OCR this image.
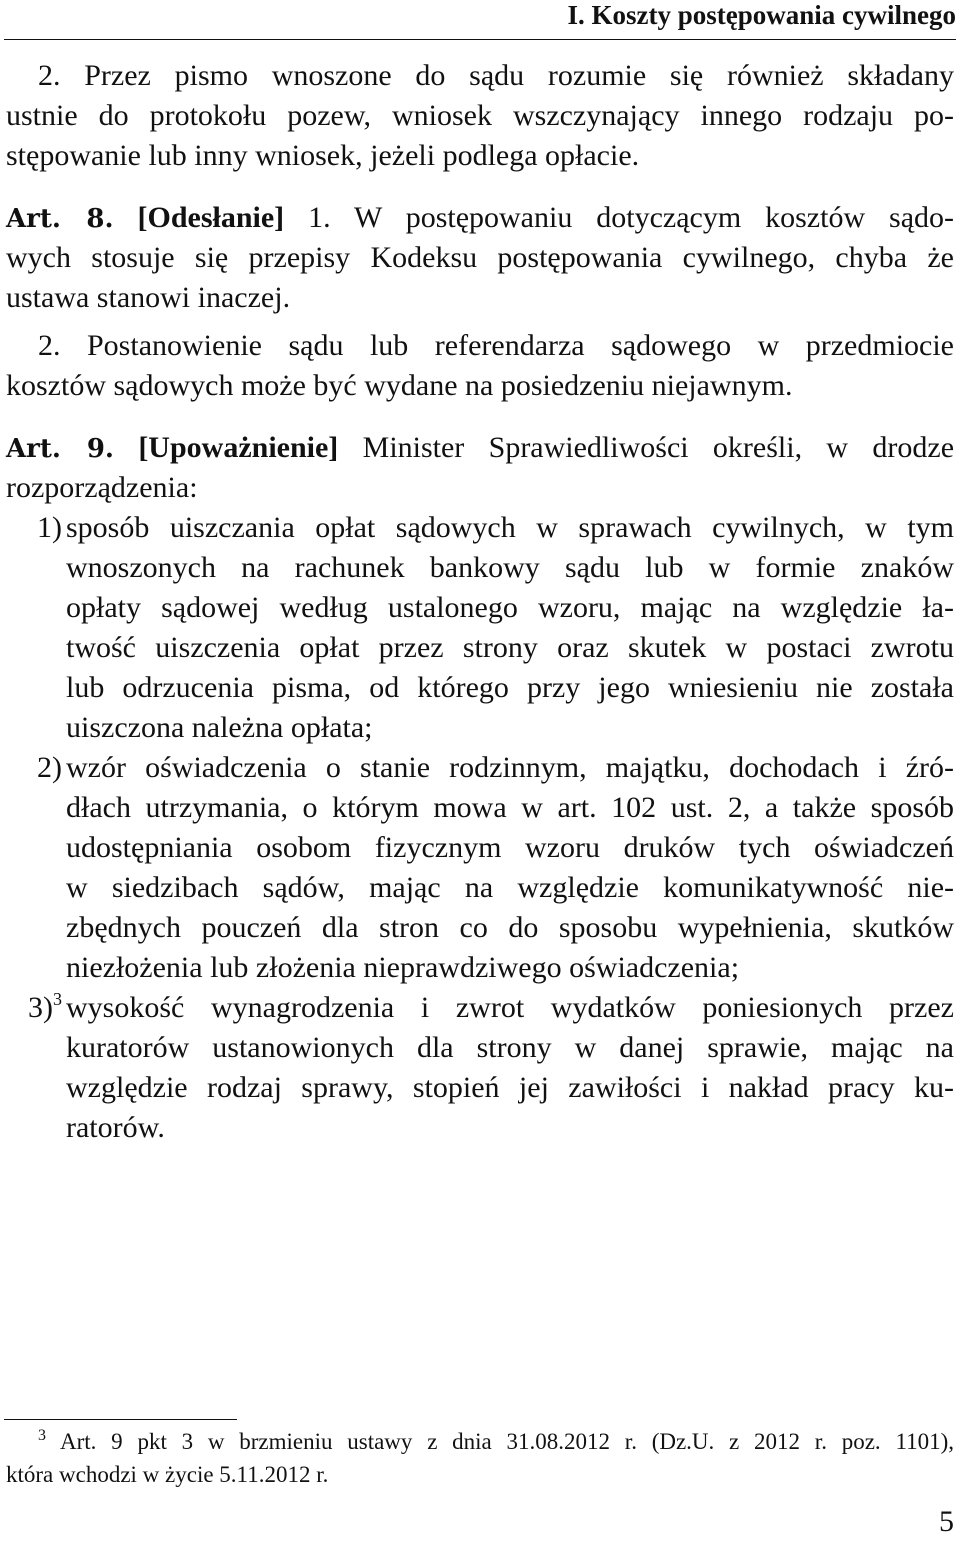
I. Koszty postępowania cywilnego
2. Przez pismo wnoszone do sądu rozumie się również składany
ustnie do protokołu pozew, wniosek wszczynający innego rodzaju po-
stępowanie lub inny wniosek, jeżeli podlega opłacie.
Art. 8. [Odesłanie] 1. W postępowaniu dotyczącym kosztów sądo-
wych stosuje się przepisy Kodeksu postępowania cywilnego, chyba że
ustawa stanowi inaczej.
2. Postanowienie sądu lub referendarza sądowego w przedmiocie
kosztów sądowych może być wydane na posiedzeniu niejawnym.
Art. 9. [Upoważnienie] Minister Sprawiedliwości określi, w drodze
rozporządzenia:
1) sposób uiszczania opłat sądowych w sprawach cywilnych, w tym
wnoszonych na rachunek bankowy sądu lub w formie znaków
opłaty sądowej według ustalonego wzoru, mając na względzie ła-
twość uiszczenia opłat przez strony oraz skutek w postaci zwrotu
lub odrzucenia pisma, od którego przy jego wniesieniu nie została
uiszczona należna opłata;
2) wzór oświadczenia o stanie rodzinnym, majątku, dochodach i źró-
dłach utrzymania, o którym mowa w art. 102 ust. 2, a także sposób
udostępniania osobom fizycznym wzoru druków tych oświadczeń
w siedzibach sądów, mając na względzie komunikatywność nie-
zbędnych pouczeń dla stron co do sposobu wypełnienia, skutków
niezłożenia lub złożenia nieprawdziwego oświadczenia;
3)$^3$ wysokość wynagrodzenia i zwrot wydatków poniesionych przez
kuratorów ustanowionych dla strony w danej sprawie, mając na
względzie rodzaj sprawy, stopień jej zawiłości i nakład pracy ku-
ratorów.
$^3$ Art. 9 pkt 3 w brzmieniu ustawy z dnia 31.08.2012 r. (Dz.U. z 2012 r. poz. 1101),
która wchodzi w życie 5.11.2012 r.
5
